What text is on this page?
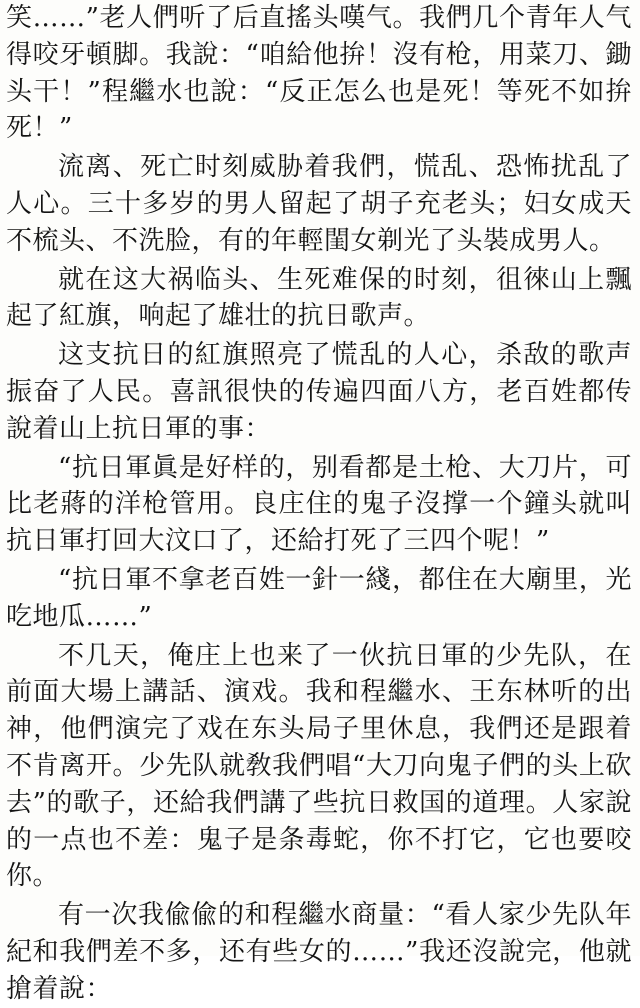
笑……”老人們听了后直搖头嘆气。我們几个青年人气得咬牙頓脚。我說：“咱給他拚！沒有枪，用菜刀、鋤头干！”程繼水也說：“反正怎么也是死！等死不如拚死！”

流离、死亡时刻威胁着我們，慌乱、恐怖扰乱了人心。三十多岁的男人留起了胡子充老头；妇女成天不梳头、不洗脸，有的年輕閨女剃光了头裝成男人。

就在这大祸临头、生死难保的时刻，徂徠山上飄起了紅旗，响起了雄壮的抗日歌声。

这支抗日的紅旗照亮了慌乱的人心，杀敌的歌声振奋了人民。喜訊很快的传遍四面八方，老百姓都传說着山上抗日軍的事：

“抗日軍眞是好样的，别看都是土枪、大刀片，可比老蔣的洋枪管用。良庄住的鬼子沒撑一个鐘头就叫抗日軍打回大汶口了，还給打死了三四个呢！”

“抗日軍不拿老百姓一針一綫，都住在大廟里，光吃地瓜……”

不几天，俺庄上也来了一伙抗日軍的少先队，在前面大場上講話、演戏。我和程繼水、王东林听的出神，他們演完了戏在东头局子里休息，我們还是跟着不肯离开。少先队就敎我們唱“大刀向鬼子們的头上砍去”的歌子，还給我們講了些抗日救国的道理。人家說的一点也不差：鬼子是条毒蛇，你不打它，它也要咬你。

有一次我偸偸的和程繼水商量：“看人家少先队年紀和我們差不多，还有些女的……”我还沒說完，他就搶着說：
